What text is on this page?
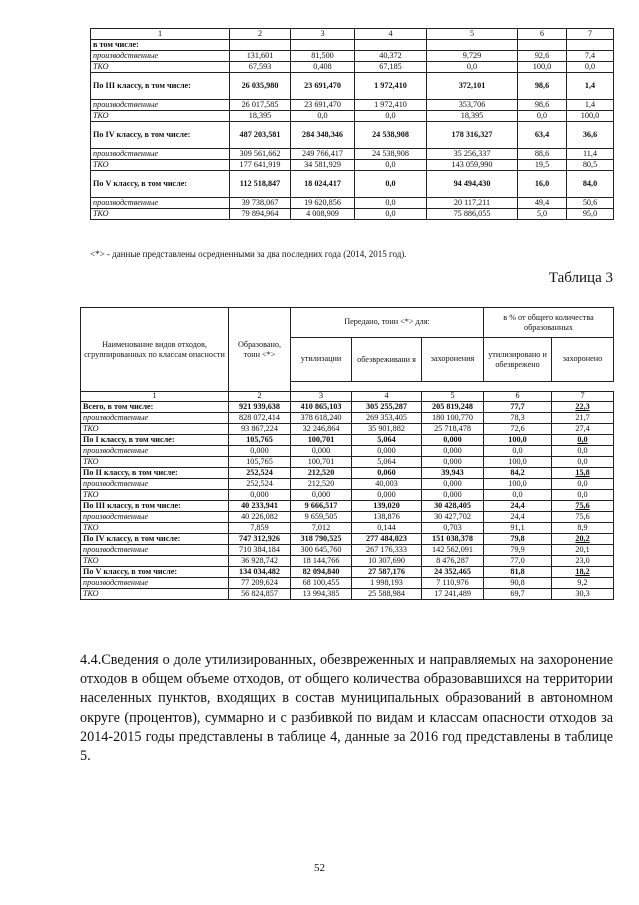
1	2	3	4	5	6	7
в том числе:						
производственные	131,601	81,500	40,372	9,729	92,6	7,4
ТКО	67,593	0,408	67,185	0,0	100,0	0,0
По III классу, в том числе:	26 035,980	23 691,470	1 972,410	372,101	98,6	1,4
производственные	26 017,585	23 691,470	1 972,410	353,706	98,6	1,4
ТКО	18,395	0,0	0,0	18,395	0,0	100,0
По IV классу, в том числе:	487 203,581	284 348,346	24 538,908	178 316,327	63,4	36,6
производственные	309 561,662	249 766,417	24 538,908	35 256,337	88,6	11,4
ТКО	177 641,919	34 581,929	0,0	143 059,990	19,5	80,5
По V классу, в том числе:	112 518,847	18 024,417	0,0	94 494,430	16,0	84,0
производственные	39 738,067	19 620,856	0,0	20 117,211	49,4	50,6
ТКО	79 894,964	4 008,909	0,0	75 886,055	5,0	95,0
<*> - данные представлены осредненными за два последних года (2014, 2015 год).
Таблица 3
Наименование видов отходов, сгруппированных по классам опасности	Образовано, тонн <*>	Передано, тонн <*> для:			в % от общего количества образованных	
		утилизации	обезвреживани я	захоронения	утилизировано и обезврежено	захоронено

1	2	3	4	5	6	7
Всего, в том числе:	921 939,638	410 865,103	305 255,287	205 819,248	77,7	22,3
производственные	828 072,414	378 618,240	269 353,405	180 100,770	78,3	21,7
ТКО	93 867,224	32 246,864	35 901,882	25 718,478	72,6	27,4
По I классу, в том числе:	105,765	100,701	5,064	0,000	100,0	0,0
производственные	0,000	0,000	0,000	0,000	0,0	0,0
ТКО	105,765	100,701	5,064	0,000	100,0	0,0
По II классу, в том числе:	252,524	212,520	0,060	39,943	84,2	15,8
производственные	252,524	212,520	40,003	0,000	100,0	0,0
ТКО	0,000	0,000	0,000	0,000	0,0	0,0
По III классу, в том числе:	40 233,941	9 666,517	139,020	30 428,405	24,4	75,6
производственные	40 226,082	9 659,505	138,876	30 427,702	24,4	75,6
ТКО	7,859	7,012	0,144	0,703	91,1	8,9
По IV классу, в том числе:	747 312,926	318 790,525	277 484,023	151 038,378	79,8	20,2
производственные	710 384,184	300 645,760	267 176,333	142 562,091	79,9	20,1
ТКО	36 928,742	18 144,766	10 307,690	8 476,287	77,0	23,0
По V классу, в том числе:	134 034,482	82 094,840	27 587,176	24 352,465	81,8	18,2
производственные	77 209,624	68 100,455	1 998,193	7 110,976	90,8	9,2
ТКО	56 824,857	13 994,385	25 588,984	17 241,489	69,7	30,3
4.4.Сведения о доле утилизированных, обезвреженных и направляемых на захоронение отходов в общем объеме отходов, от общего количества образовавшихся на территории населенных пунктов, входящих в состав муниципальных образований в автономном округе (процентов), суммарно и с разбивкой по видам и классам опасности отходов за 2014-2015 годы представлены в таблице 4, данные за 2016 год представлены в таблице 5.
52
